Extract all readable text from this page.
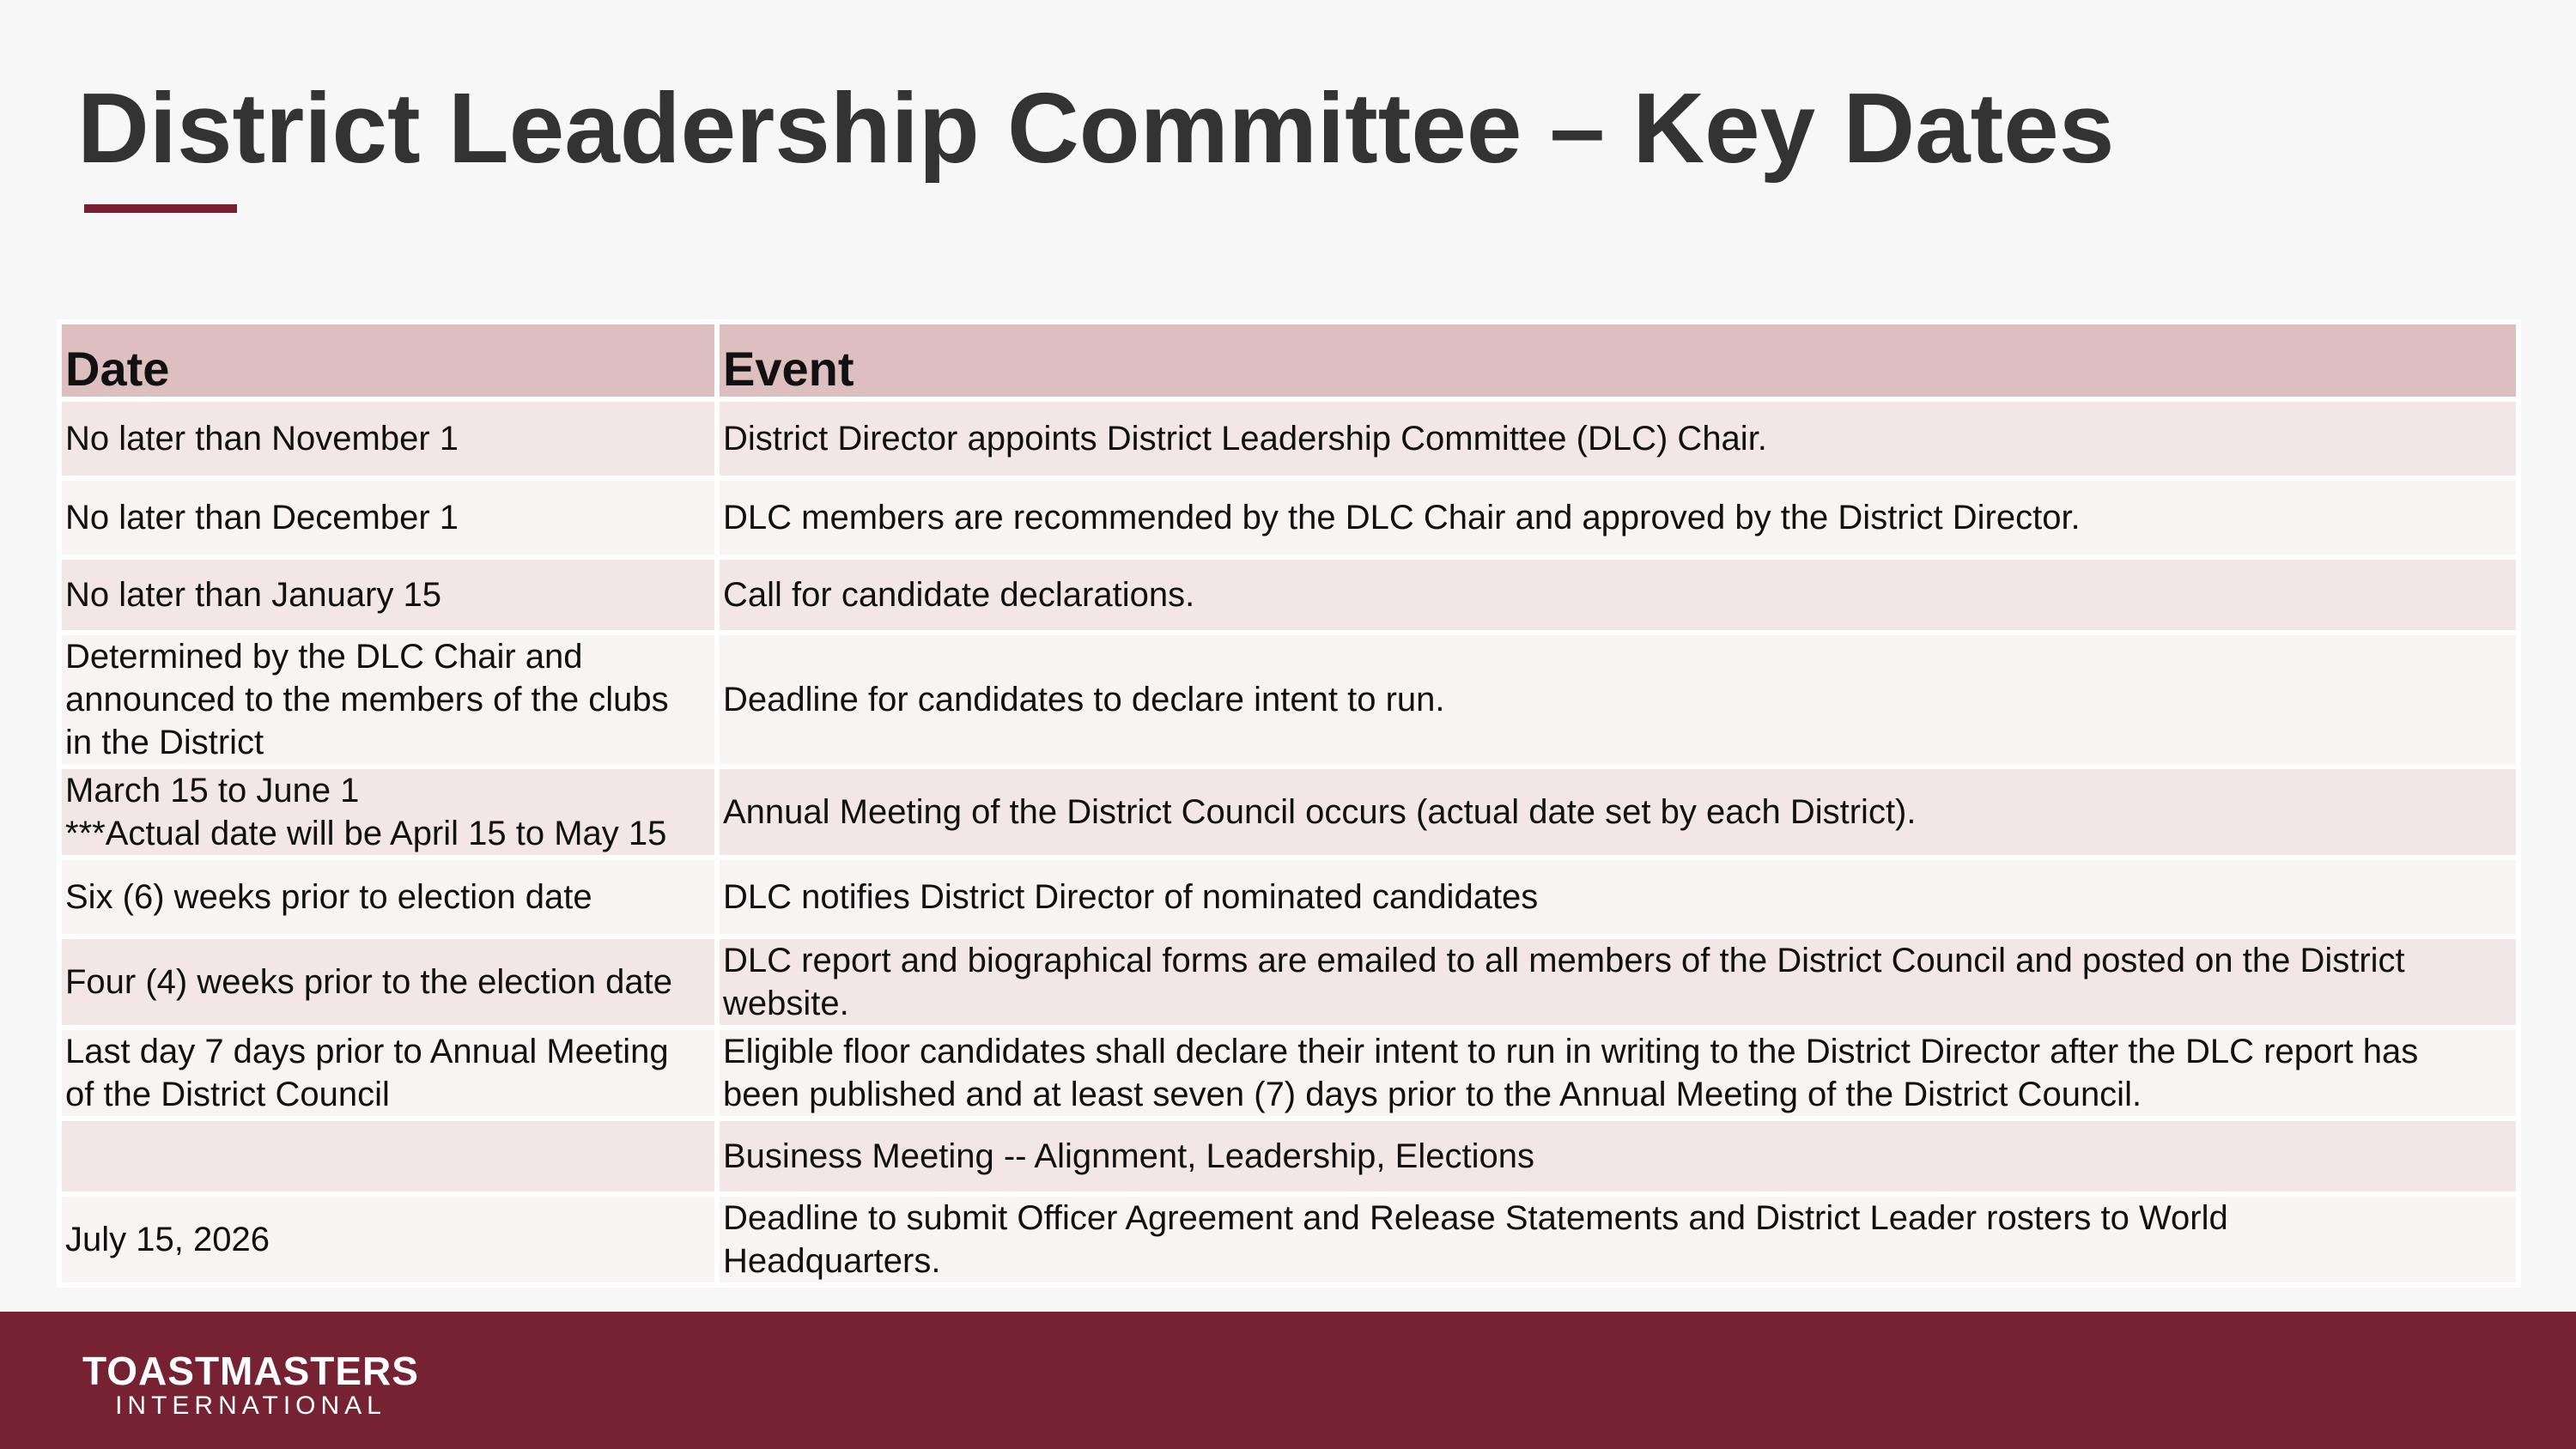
District Leadership Committee – Key Dates
Date	Event

No later than November 1	District Director appoints District Leadership Committee (DLC) Chair.

No later than December 1	DLC members are recommended by the DLC Chair and approved by the District Director.

No later than January 15	Call for candidate declarations.

Determined by the DLC Chair and
announced to the members of the clubs
in the District	Deadline for candidates to declare intent to run.

March 15 to June 1
***Actual date will be April 15 to May 15	Annual Meeting of the District Council occurs (actual date set by each District).

Six (6) weeks prior to election date	DLC notifies District Director of nominated candidates

Four (4) weeks prior to the election date	DLC report and biographical forms are emailed to all members of the District Council and posted on the District
website.

Last day 7 days prior to Annual Meeting
of the District Council	Eligible floor candidates shall declare their intent to run in writing to the District Director after the DLC report has
been published and at least seven (7) days prior to the Annual Meeting of the District Council.

	Business Meeting -- Alignment, Leadership, Elections

July 15, 2026	Deadline to submit Officer Agreement and Release Statements and District Leader rosters to World
Headquarters.
TOASTMASTERS
INTERNATIONAL
